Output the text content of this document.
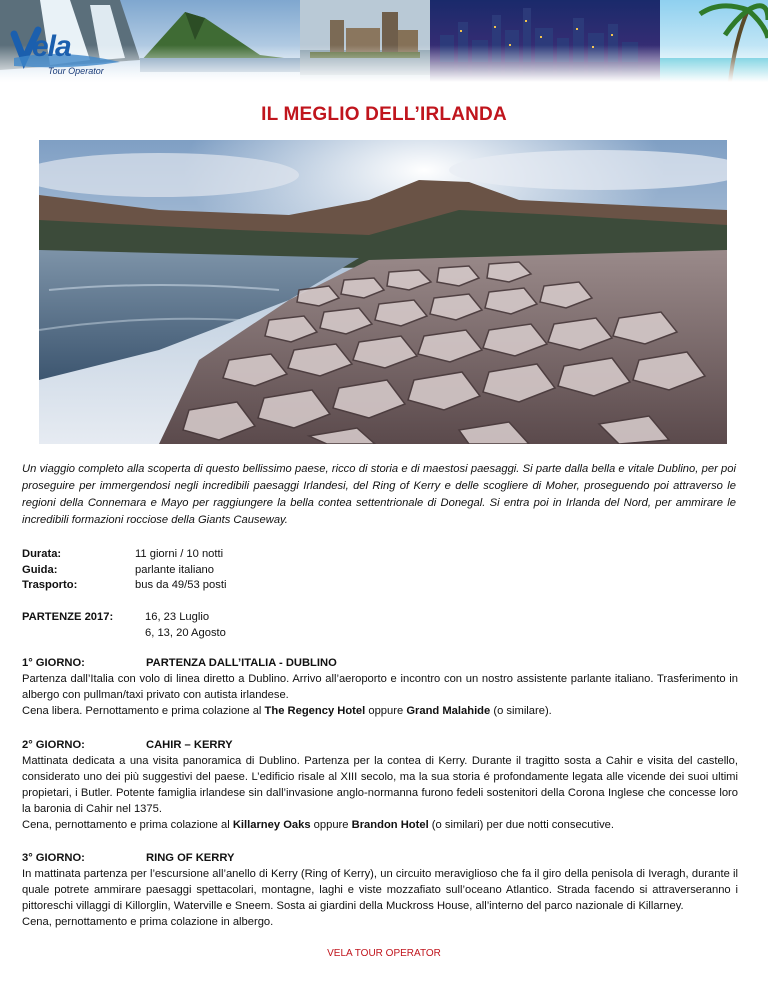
ela
Tour Operator
IL MEGLIO DELL’IRLANDA
Un viaggio completo alla scoperta di questo bellissimo paese, ricco di storia e di maestosi paesaggi. Si parte dalla bella e vitale Dublino, per poi proseguire per immergendosi negli incredibili paesaggi Irlandesi, del Ring of Kerry e delle scogliere di Moher, proseguendo poi attraverso le regioni della Connemara e Mayo per raggiungere la bella contea settentrionale di Donegal. Si entra poi in Irlanda del Nord, per ammirare le incredibili formazioni rocciose della Giants Causeway.
Durata:	11 giorni / 10 notti
Guida:	parlante italiano
Trasporto:	bus da 49/53 posti
PARTENZE 2017:	16, 23 Luglio
6, 13, 20 Agosto
1° GIORNO:	PARTENZA DALL’ITALIA - DUBLINO

Partenza dall’Italia con volo di linea diretto a Dublino. Arrivo all’aeroporto e incontro con un nostro assistente parlante italiano. Trasferimento in albergo con pullman/taxi privato con autista irlandese.

Cena libera. Pernottamento e prima colazione al The Regency Hotel oppure Grand Malahide (o similare).

2° GIORNO:	CAHIR – KERRY

Mattinata dedicata a una visita panoramica di Dublino. Partenza per la contea di Kerry. Durante il tragitto sosta a Cahir e visita del castello, considerato uno dei più suggestivi del paese. L’edificio risale al XIII secolo, ma la sua storia é profondamente legata alle vicende dei suoi ultimi propietari, i Butler. Potente famiglia irlandese sin dall’invasione anglo-normanna furono fedeli sostenitori della Corona Inglese che concesse loro la baronia di Cahir nel 1375.

Cena, pernottamento e prima colazione al Killarney Oaks oppure Brandon Hotel (o similari) per due notti consecutive.

3° GIORNO:	RING OF KERRY

In mattinata partenza per l’escursione all’anello di Kerry (Ring of Kerry), un circuito meraviglioso che fa il giro della penisola di Iveragh, durante il quale potrete ammirare paesaggi spettacolari, montagne, laghi e viste mozzafiato sull’oceano Atlantico. Strada facendo si attraverseranno i pittoreschi villaggi di Killorglin, Waterville e Sneem. Sosta ai giardini della Muckross House, all’interno del parco nazionale di Killarney.

Cena, pernottamento e prima colazione in albergo.

VELA TOUR OPERATOR
